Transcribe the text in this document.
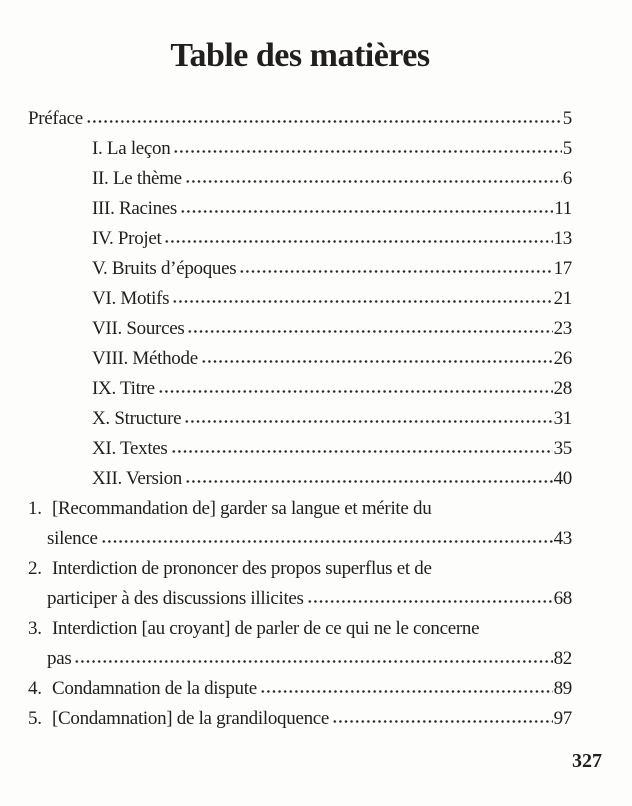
Table des matières
Préface	5
I. La leçon	5
II. Le thème	6
III. Racines	11
IV. Projet	13
V. Bruits d’époques	17
VI. Motifs	21
VII. Sources	23
VIII. Méthode	26
IX. Titre	28
X. Structure	31
XI. Textes	35
XII. Version	40
1. [Recommandation de] garder sa langue et mérite du
silence	43
2. Interdiction de prononcer des propos superflus et de
participer à des discussions illicites	68
3. Interdiction [au croyant] de parler de ce qui ne le concerne
pas	82
4. Condamnation de la dispute	89
5. [Condamnation] de la grandiloquence	97
327
